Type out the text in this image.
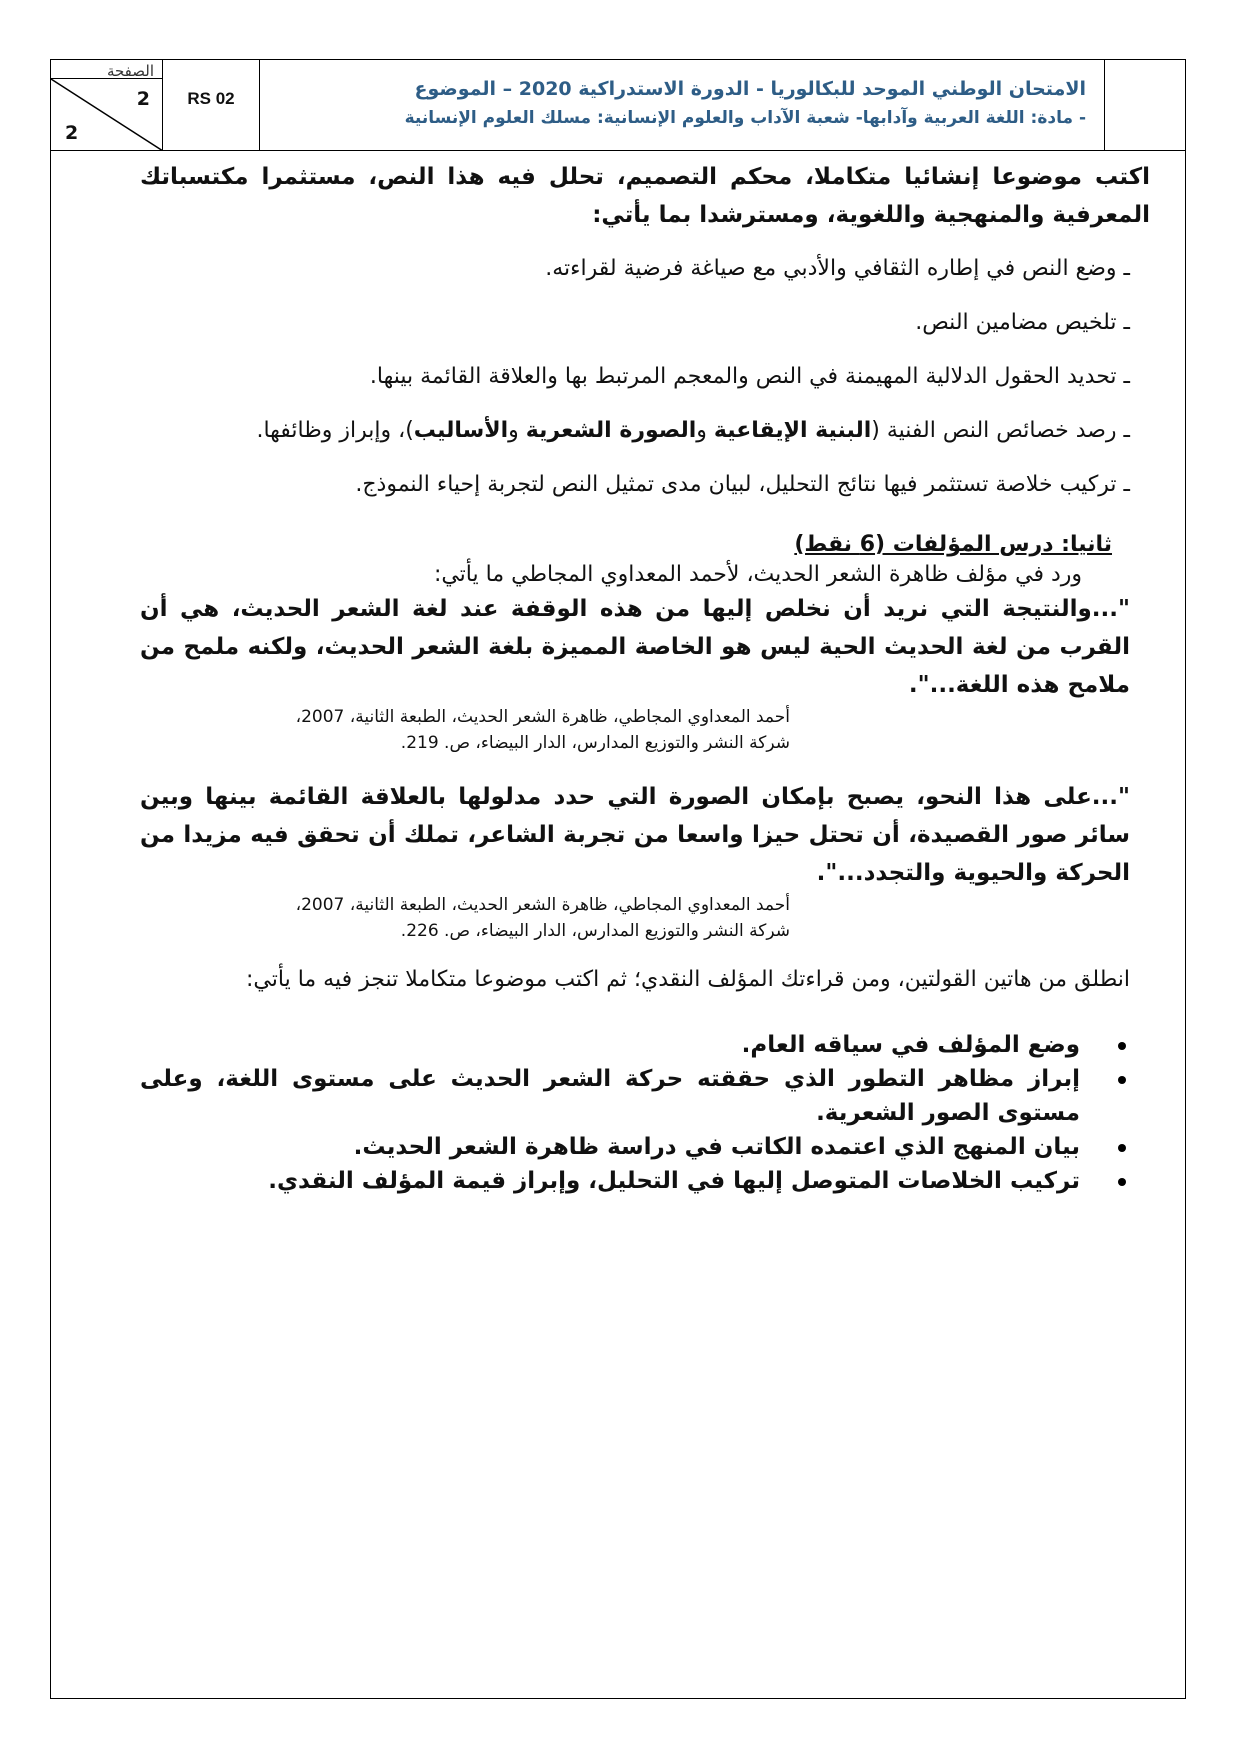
الصفحة
2
2
RS 02	الامتحان الوطني الموحد للبكالوريا - الدورة الاستدراكية 2020 – الموضوع
- مادة: اللغة العربية وآدابها- شعبة الآداب والعلوم الإنسانية: مسلك العلوم الإنسانية

اكتب موضوعا إنشائيا متكاملا، محكم التصميم، تحلل فيه هذا النص، مستثمرا مكتسباتك المعرفية والمنهجية واللغوية، ومسترشدا بما يأتي:

ـ وضع النص في إطاره الثقافي والأدبي مع صياغة فرضية لقراءته.

ـ تلخيص مضامين النص.

ـ تحديد الحقول الدلالية المهيمنة في النص والمعجم المرتبط بها والعلاقة القائمة بينها.

ـ رصد خصائص النص الفنية (البنية الإيقاعية والصورة الشعرية والأساليب)، وإبراز وظائفها.

ـ تركيب خلاصة تستثمر فيها نتائج التحليل، لبيان مدى تمثيل النص لتجربة إحياء النموذج.

ثانيا: درس المؤلفات (6 نقط)

ورد في مؤلف ظاهرة الشعر الحديث، لأحمد المعداوي المجاطي ما يأتي:

"...والنتيجة التي نريد أن نخلص إليها من هذه الوقفة عند لغة الشعر الحديث، هي أن القرب من لغة الحديث الحية ليس هو الخاصة المميزة بلغة الشعر الحديث، ولكنه ملمح من ملامح هذه اللغة...".

أحمد المعداوي المجاطي، ظاهرة الشعر الحديث، الطبعة الثانية، 2007،
شركة النشر والتوزيع المدارس، الدار البيضاء، ص. 219.

"...على هذا النحو، يصبح بإمكان الصورة التي حدد مدلولها بالعلاقة القائمة بينها وبين سائر صور القصيدة، أن تحتل حيزا واسعا من تجربة الشاعر، تملك أن تحقق فيه مزيدا من الحركة والحيوية والتجدد...".

أحمد المعداوي المجاطي، ظاهرة الشعر الحديث، الطبعة الثانية، 2007،
شركة النشر والتوزيع المدارس، الدار البيضاء، ص. 226.

انطلق من هاتين القولتين، ومن قراءتك المؤلف النقدي؛ ثم اكتب موضوعا متكاملا تنجز فيه ما يأتي:

وضع المؤلف في سياقه العام.
إبراز مظاهر التطور الذي حققته حركة الشعر الحديث على مستوى اللغة، وعلى مستوى الصور الشعرية.
بيان المنهج الذي اعتمده الكاتب في دراسة ظاهرة الشعر الحديث.
تركيب الخلاصات المتوصل إليها في التحليل، وإبراز قيمة المؤلف النقدي.
